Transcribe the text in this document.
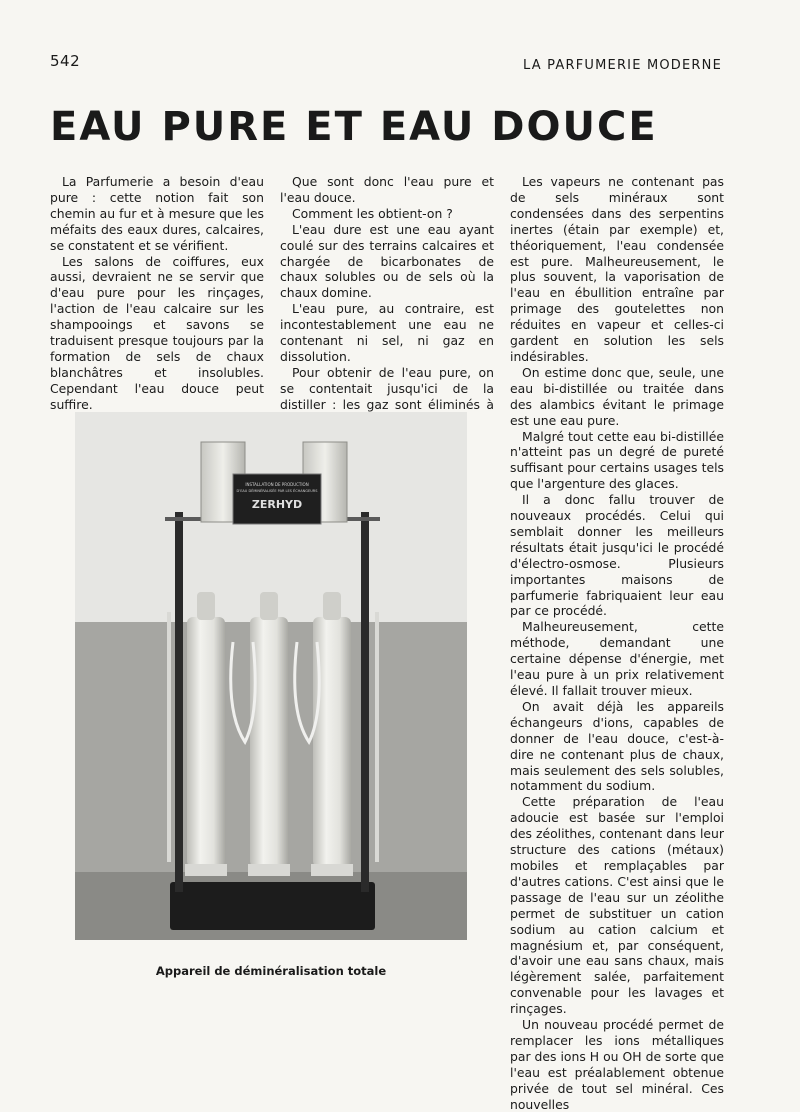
542	LA PARFUMERIE MODERNE
EAU PURE ET EAU DOUCE

La Parfumerie a besoin d'eau pure : cette notion fait son chemin au fur et à mesure que les méfaits des eaux dures, calcaires, se constatent et se vérifient.

Les salons de coiffures, eux aussi, devraient ne se servir que d'eau pure pour les rinçages, l'action de l'eau calcaire sur les shampooings et savons se traduisent presque toujours par la formation de sels de chaux blanchâtres et insolubles. Cependant l'eau douce peut suffire.

Que sont donc l'eau pure et l'eau douce.

Comment les obtient-on ?

L'eau dure est une eau ayant coulé sur des terrains calcaires et chargée de bicarbonates de chaux solubles ou de sels où la chaux domine.

L'eau pure, au contraire, est incontestablement une eau ne contenant ni sel, ni gaz en dissolution.

Pour obtenir de l'eau pure, on se contentait jusqu'ici de la distiller : les gaz sont éliminés à

Les vapeurs ne contenant pas de sels minéraux sont condensées dans des serpentins inertes (étain par exemple) et, théoriquement, l'eau condensée est pure. Malheureusement, le plus souvent, la vaporisation de l'eau en ébullition entraîne par primage des goutelettes non réduites en vapeur et celles-ci gardent en solution les sels indésirables.

On estime donc que, seule, une eau bi-distillée ou traitée dans des alambics évitant le primage est une eau pure.

Malgré tout cette eau bi-distillée n'atteint pas un degré de pureté suffisant pour certains usages tels que l'argenture des glaces.

Il a donc fallu trouver de nouveaux procédés. Celui qui semblait donner les meilleurs résultats était jusqu'ici le procédé d'électro-osmose. Plusieurs importantes maisons de parfumerie fabriquaient leur eau par ce procédé.

Malheureusement, cette méthode, demandant une certaine dépense d'énergie, met l'eau pure à un prix relativement élevé. Il fallait trouver mieux.

On avait déjà les appareils échangeurs d'ions, capables de donner de l'eau douce, c'est-à-dire ne contenant plus de chaux, mais seulement des sels solubles, notamment du sodium.

Cette préparation de l'eau adoucie est basée sur l'emploi des zéolithes, contenant dans leur structure des cations (métaux) mobiles et remplaçables par d'autres cations. C'est ainsi que le passage de l'eau sur un zéolithe permet de substituer un cation sodium au cation calcium et magnésium et, par conséquent, d'avoir une eau sans chaux, mais légèrement salée, parfaitement convenable pour les lavages et rinçages.

Un nouveau procédé permet de remplacer les ions métalliques par des ions H ou OH de sorte que l'eau est préalablement obtenue privée de tout sel minéral. Ces nouvelles

INSTALLATION DE PRODUCTION
D'EAU DÉMINÉRALISÉE PAR LES ÉCHANGEURS
ZERHYD
Appareil de déminéralisation totale
